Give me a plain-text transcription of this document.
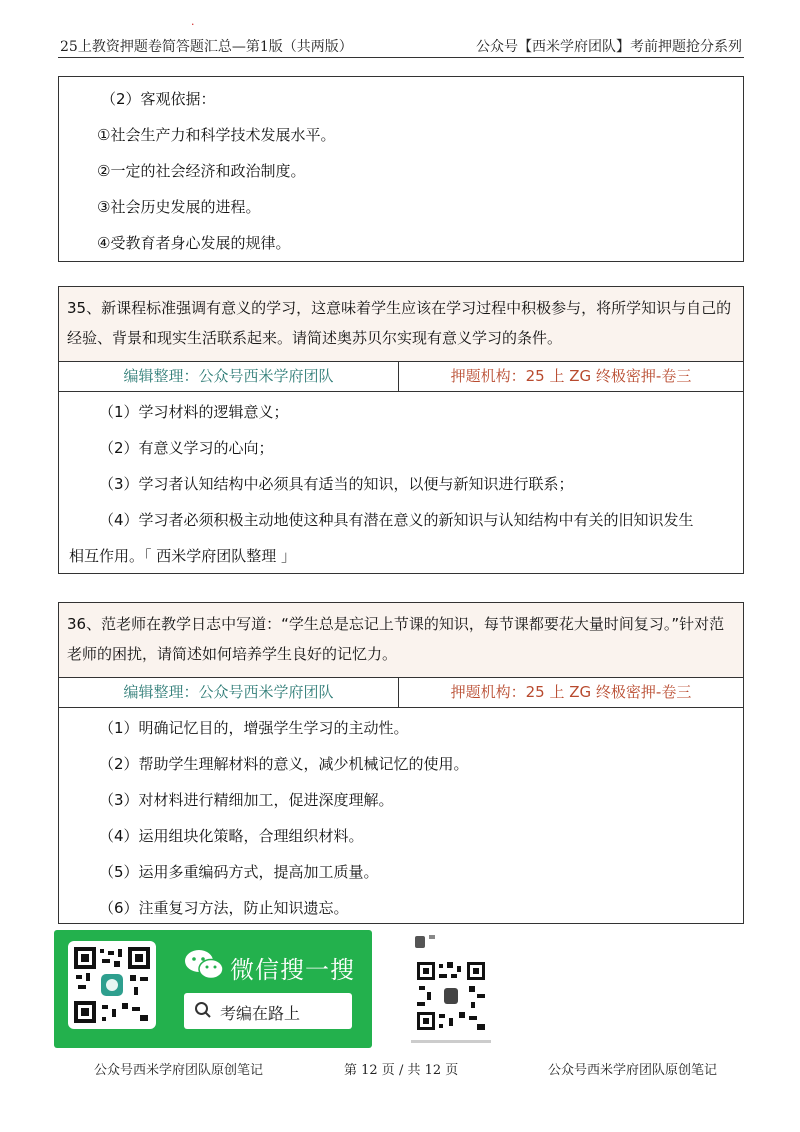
·
25上教资押题卷简答题汇总—第1版（共两版）	公众号【西米学府团队】考前押题抢分系列

（2）客观依据：

①社会生产力和科学技术发展水平。

②一定的社会经济和政治制度。

③社会历史发展的进程。

④受教育者身心发展的规律。

35、新课程标准强调有意义的学习，这意味着学生应该在学习过程中积极参与，将所学知识与自己的经验、背景和现实生活联系起来。请简述奥苏贝尔实现有意义学习的条件。
编辑整理：公众号西米学府团队	押题机构：25 上 ZG 终极密押-卷三

（1）学习材料的逻辑意义；

（2）有意义学习的心向；

（3）学习者认知结构中必须具有适当的知识，以便与新知识进行联系；

（4）学习者必须积极主动地使这种具有潜在意义的新知识与认知结构中有关的旧知识发生

相互作用。「 西米学府团队整理 」

36、范老师在教学日志中写道：“学生总是忘记上节课的知识，每节课都要花大量时间复习。”针对范老师的困扰，请简述如何培养学生良好的记忆力。
编辑整理：公众号西米学府团队	押题机构：25 上 ZG 终极密押-卷三

（1）明确记忆目的，增强学生学习的主动性。

（2）帮助学生理解材料的意义，减少机械记忆的使用。

（3）对材料进行精细加工，促进深度理解。

（4）运用组块化策略，合理组织材料。

（5）运用多重编码方式，提高加工质量。

（6）注重复习方法，防止知识遗忘。

微信搜一搜
考编在路上
公众号西米学府团队原创笔记	第 12 页 / 共 12 页	公众号西米学府团队原创笔记
